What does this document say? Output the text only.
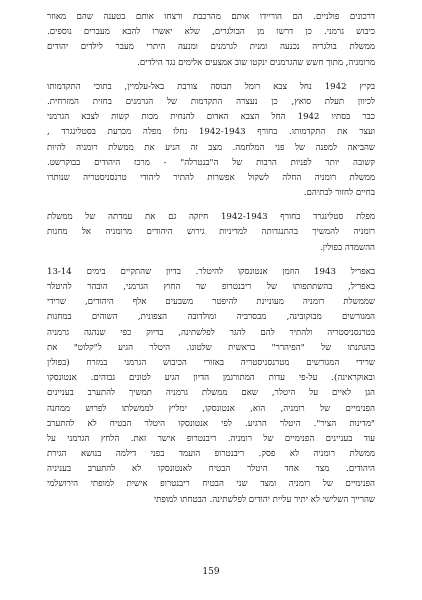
דרכונים פולניים. הם הוריידו אותם מהרכבת ורצחו אותם בטענה שהם מאוזר
כיבוש גרמני. כן דרשו מן הבולגרים, שלא יאשרו להבא מעברים נוספים.
ממשלת בולגריה נכנעה ומנית לגרמנים ומנעה היתרי מעבר לילדים יהודים
מרומניה, מתוך חשש שהגרמנים ינקטו שוב אמצעים אלימים נגד הילדים.
בקיץ 1942 נחל צבא רומל תבוסה צורבת באל-עלמיין, בתוכי התקדמותו
לכיוון תעלת סואץ, כן נעצרה התקדמות של הגרמנים בחזית המזרחית.
כבר בסתיו 1942 החל הצבא האדום להנחית מכות קשות לצבא הגרמני
ועצר את התקדמותו. בחורף 1942-1943 נחלו מפלה מכרעת בסטלינגרד ,
שהביאה למפנה של פני המלחמה. מצב זה הניע את ממשלת רומניה להיות
קשובה יותר לפניות הרבות של ה"בנטרלה" - מרכז היהודים בבוקרשט.
ממשלת רומניה החלה לשקול אפשרות להתיר ליהודי טרנסניסטריה שנותרו
בחיים לחזור לבתיהם.
מפלת סטלינגרד בחורף 1942-1943 חיזקה גם את עמדתה של ממשלת
רומניה להמשיך בהתנגדותה למדיניות גירוש היהודים מרומניה אל מחנות
ההשמדה בפולין.
באפריל 1943 הוזמן אנטונסקו להיטלר. בדיון שהתקיים בימים 13-14
באפריל, בהשתתפותו של ריבנטרופ שר החוץ הגרמני, הובהר להיטלר
שממשלת רומניה מעוניינת להיפטר משבעים אלף היהודים, שרידי
המגורשים מבוקובינה, מבסרביה ומולדובה הצפונית, השוהים במחנות
בטרנסניסטריה ולהתיר להם להגר לפלשתינה, בדיוק כפי שנהגה גרמניה
בהגתנתו של "הפיהרר" בראשית שלטונו. היטלר הגיע ל"קלוט" את
שרידי המגורשים מטרנסניסטריה באזורי הכיבוש הגרמני במזרח (בפולין
ובאוקראינה). על-פי עדות המתורגמן הדיון הגיע לטונים גבוהים. אנטונסקו
הגן לאיים על היטלר, שאם ממשלת גרמניה תמשיך להתערב בעניינים
הפנימיים של רומניה, הוא, אנטונסקו, ימליץ לממשלתו לפרוש ממחנה
"מדינות הציר". היטלר הרגיע. לפי אנטונסקו היטלר הבטיח לא להתערב
עוד בעניינים הפנימיים של רומניה. ריבנטרופ אישר זאת. הלחץ הגרמני על
ממשלת רומניה לא פסק. ריבנטרופ הועמד בפני דילמה בנושא הגירת
היהודים. מצד אחד היטלר הבטיח לאנטונסקו לא להתערב בעניניה
הפנימיים של רומניה ומצד שני הבטיח ריבנטרופ אישית למופתי הירושלמי
שהרייך השלישי לא יתיר עליית יהודים לפלשתינה. הבטחתו למופתי
159
